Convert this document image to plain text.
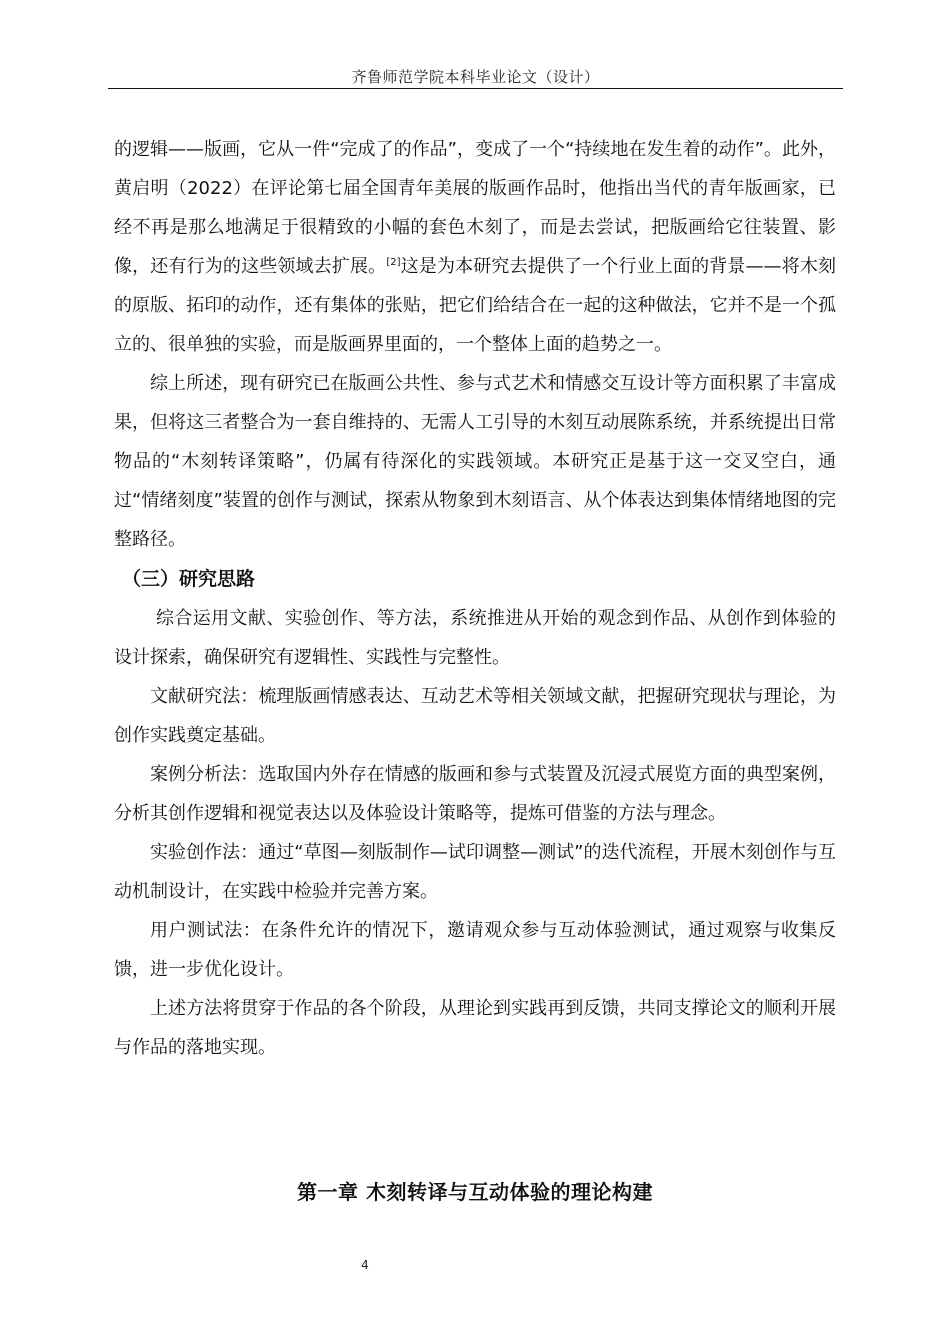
齐鲁师范学院本科毕业论文（设计）

的逻辑——版画，它从一件“完成了的作品”，变成了一个“持续地在发生着的动作”。此外，黄启明（2022）在评论第七届全国青年美展的版画作品时，他指出当代的青年版画家，已经不再是那么地满足于很精致的小幅的套色木刻了，而是去尝试，把版画给它往装置、影像，还有行为的这些领域去扩展。[2]这是为本研究去提供了一个行业上面的背景——将木刻的原版、拓印的动作，还有集体的张贴，把它们给结合在一起的这种做法，它并不是一个孤立的、很单独的实验，而是版画界里面的，一个整体上面的趋势之一。

综上所述，现有研究已在版画公共性、参与式艺术和情感交互设计等方面积累了丰富成果，但将这三者整合为一套自维持的、无需人工引导的木刻互动展陈系统，并系统提出日常物品的“木刻转译策略”，仍属有待深化的实践领域。本研究正是基于这一交叉空白，通过“情绪刻度”装置的创作与测试，探索从物象到木刻语言、从个体表达到集体情绪地图的完整路径。

（三）研究思路

综合运用文献、实验创作、等方法，系统推进从开始的观念到作品、从创作到体验的设计探索，确保研究有逻辑性、实践性与完整性。

文献研究法：梳理版画情感表达、互动艺术等相关领域文献，把握研究现状与理论，为创作实践奠定基础。

案例分析法：选取国内外存在情感的版画和参与式装置及沉浸式展览方面的典型案例，分析其创作逻辑和视觉表达以及体验设计策略等，提炼可借鉴的方法与理念。

实验创作法：通过“草图—刻版制作—试印调整—测试”的迭代流程，开展木刻创作与互动机制设计，在实践中检验并完善方案。

用户测试法：在条件允许的情况下，邀请观众参与互动体验测试，通过观察与收集反馈，进一步优化设计。

上述方法将贯穿于作品的各个阶段，从理论到实践再到反馈，共同支撑论文的顺利开展与作品的落地实现。

第一章 木刻转译与互动体验的理论构建
4
